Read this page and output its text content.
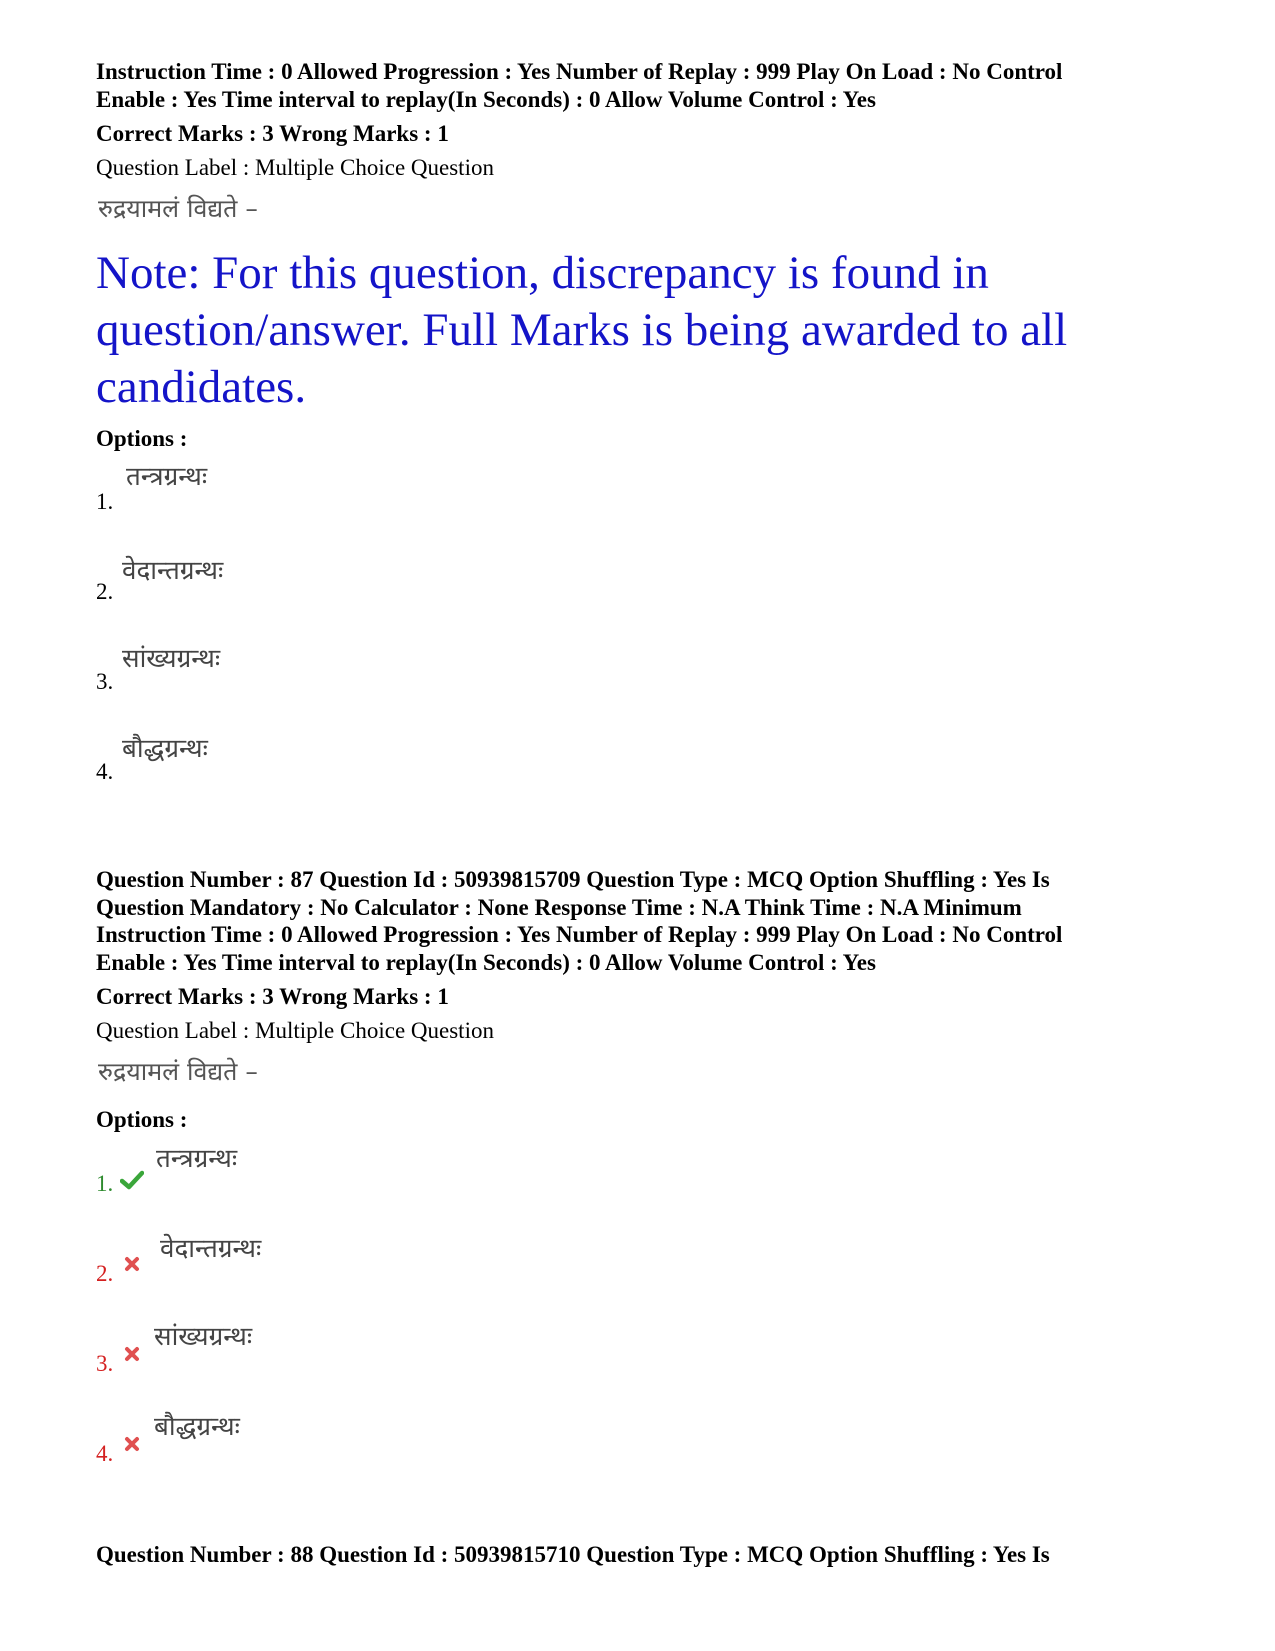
Instruction Time : 0 Allowed Progression : Yes Number of Replay : 999 Play On Load : No Control
Enable : Yes Time interval to replay(In Seconds) : 0 Allow Volume Control : Yes
Correct Marks : 3 Wrong Marks : 1
Question Label : Multiple Choice Question
रुद्रयामलं विद्यते –
Note: For this question, discrepancy is found in
question/answer. Full Marks is being awarded to all
candidates.
Options :
1.
तन्त्रग्रन्थः
2.
वेदान्तग्रन्थः
3.
सांख्यग्रन्थः
4.
बौद्धग्रन्थः
Question Number : 87 Question Id : 50939815709 Question Type : MCQ Option Shuffling : Yes Is
Question Mandatory : No Calculator : None Response Time : N.A Think Time : N.A Minimum
Instruction Time : 0 Allowed Progression : Yes Number of Replay : 999 Play On Load : No Control
Enable : Yes Time interval to replay(In Seconds) : 0 Allow Volume Control : Yes
Correct Marks : 3 Wrong Marks : 1
Question Label : Multiple Choice Question
रुद्रयामलं विद्यते –
Options :
1.
तन्त्रग्रन्थः
2.
वेदान्तग्रन्थः
3.
सांख्यग्रन्थः
4.
बौद्धग्रन्थः
Question Number : 88 Question Id : 50939815710 Question Type : MCQ Option Shuffling : Yes Is
